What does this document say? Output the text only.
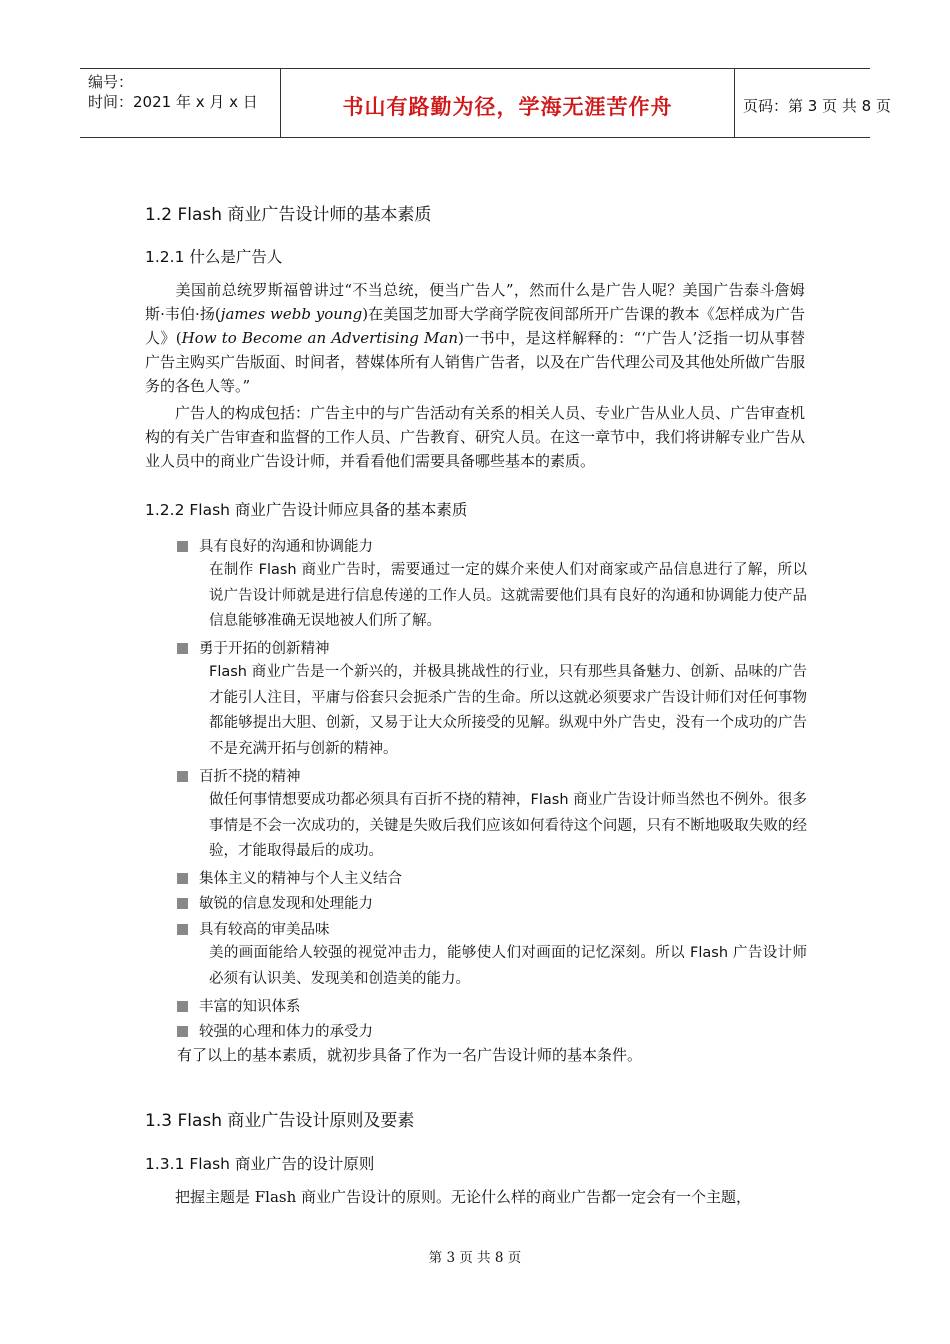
编号：
时间：2021 年 x 月 x 日	书山有路勤为径，学海无涯苦作舟	页码：第 3 页 共 8 页
1.2 Flash 商业广告设计师的基本素质
1.2.1 什么是广告人
　　美国前总统罗斯福曾讲过“不当总统，便当广告人”，然而什么是广告人呢？美国广告泰斗詹姆斯·韦伯·扬(james webb young)在美国芝加哥大学商学院夜间部所开广告课的教本《怎样成为广告人》(How to Become an Advertising Man)一书中，是这样解释的：“‘广告人’泛指一切从事替广告主购买广告版面、时间者，替媒体所有人销售广告者，以及在广告代理公司及其他处所做广告服务的各色人等。”
　　广告人的构成包括：广告主中的与广告活动有关系的相关人员、专业广告从业人员、广告审查机构的有关广告审查和监督的工作人员、广告教育、研究人员。在这一章节中，我们将讲解专业广告从业人员中的商业广告设计师，并看看他们需要具备哪些基本的素质。
1.2.2 Flash 商业广告设计师应具备的基本素质
具有良好的沟通和协调能力
在制作 Flash 商业广告时，需要通过一定的媒介来使人们对商家或产品信息进行了解，所以说广告设计师就是进行信息传递的工作人员。这就需要他们具有良好的沟通和协调能力使产品信息能够准确无误地被人们所了解。
勇于开拓的创新精神
Flash 商业广告是一个新兴的，并极具挑战性的行业，只有那些具备魅力、创新、品味的广告才能引人注目，平庸与俗套只会扼杀广告的生命。所以这就必须要求广告设计师们对任何事物都能够提出大胆、创新，又易于让大众所接受的见解。纵观中外广告史，没有一个成功的广告不是充满开拓与创新的精神。
百折不挠的精神
做任何事情想要成功都必须具有百折不挠的精神，Flash 商业广告设计师当然也不例外。很多事情是不会一次成功的，关键是失败后我们应该如何看待这个问题，只有不断地吸取失败的经验，才能取得最后的成功。
集体主义的精神与个人主义结合
敏锐的信息发现和处理能力
具有较高的审美品味
美的画面能给人较强的视觉冲击力，能够使人们对画面的记忆深刻。所以 Flash 广告设计师必须有认识美、发现美和创造美的能力。
丰富的知识体系
较强的心理和体力的承受力
有了以上的基本素质，就初步具备了作为一名广告设计师的基本条件。
1.3 Flash 商业广告设计原则及要素
1.3.1 Flash 商业广告的设计原则
　　把握主题是 Flash 商业广告设计的原则。无论什么样的商业广告都一定会有一个主题，
第 3 页 共 8 页
